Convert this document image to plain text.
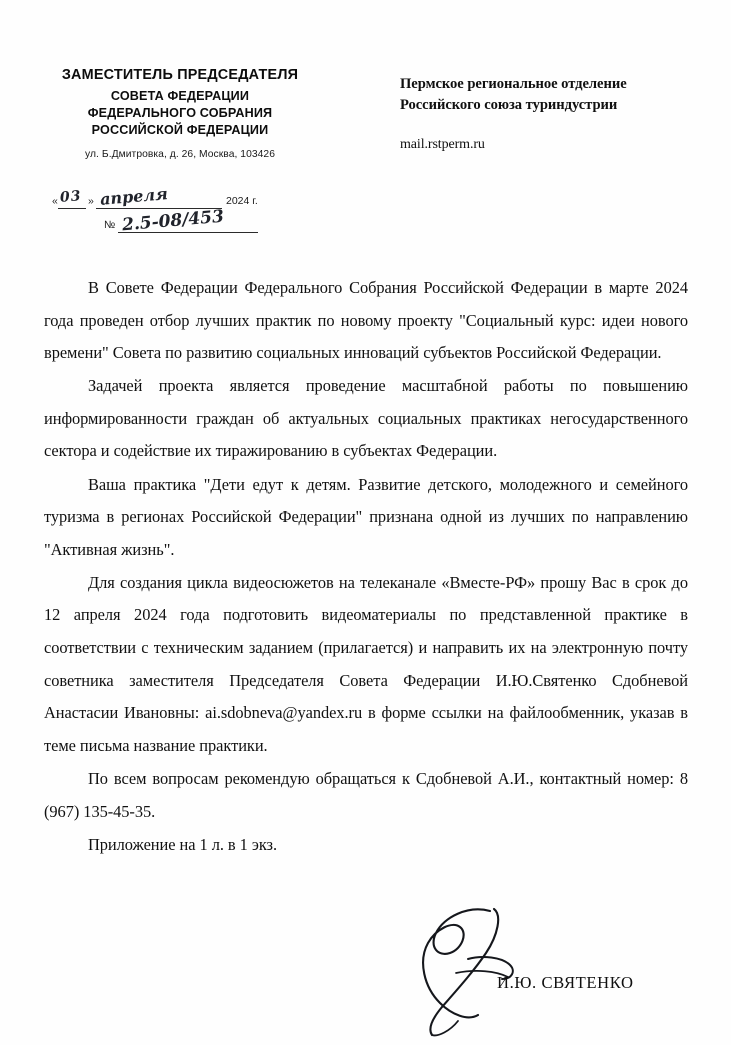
ЗАМЕСТИТЕЛЬ ПРЕДСЕДАТЕЛЯ
СОВЕТА ФЕДЕРАЦИИ
ФЕДЕРАЛЬНОГО СОБРАНИЯ
РОССИЙСКОЙ ФЕДЕРАЦИИ
ул. Б.Дмитровка, д. 26, Москва, 103426
« 03 » апреля	2024 г.
№ 2.5-08/453
Пермское региональное отделение
Российского союза туриндустрии
mail.rstperm.ru

В Совете Федерации Федерального Собрания Российской Федерации в марте 2024 года проведен отбор лучших практик по новому проекту "Социальный курс: идеи нового времени" Совета по развитию социальных инноваций субъектов Российской Федерации.

Задачей проекта является проведение масштабной работы по повышению информированности граждан об актуальных социальных практиках негосударственного сектора и содействие их тиражированию в субъектах Федерации.

Ваша практика "Дети едут к детям. Развитие детского, молодежного и семейного туризма в регионах Российской Федерации" признана одной из лучших по направлению "Активная жизнь".

Для создания цикла видеосюжетов на телеканале «Вместе-РФ» прошу Вас в срок до 12 апреля 2024 года подготовить видеоматериалы по представленной практике в соответствии с техническим заданием (прилагается) и направить их на электронную почту советника заместителя Председателя Совета Федерации И.Ю.Святенко Сдобневой Анастасии Ивановны: ai.sdobneva@yandex.ru в форме ссылки на файлообменник, указав в теме письма название практики.

По всем вопросам рекомендую обращаться к Сдобневой А.И., контактный номер: 8 (967) 135-45-35.

Приложение на 1 л. в 1 экз.

И.Ю. СВЯТЕНКО
